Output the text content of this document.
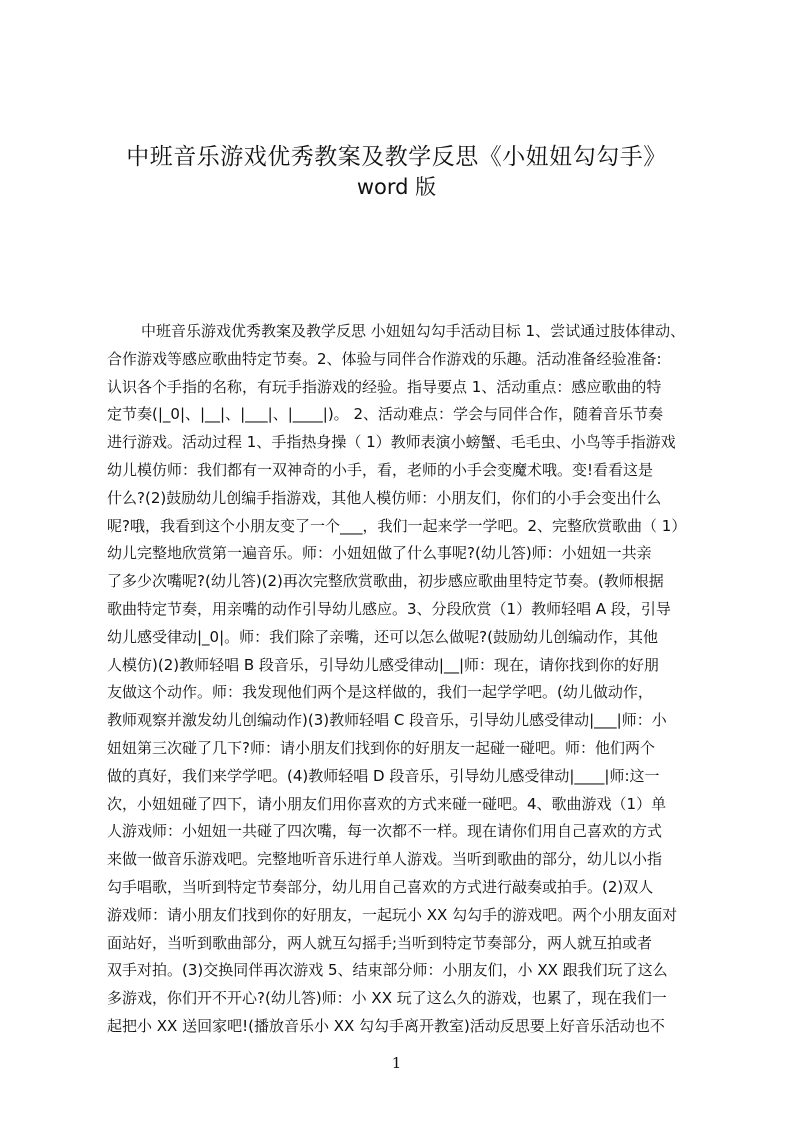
中班音乐游戏优秀教案及教学反思《小妞妞勾勾手》
word 版
中班音乐游戏优秀教案及教学反思 小妞妞勾勾手活动目标 1、尝试通过肢体律动、
合作游戏等感应歌曲特定节奏。2、体验与同伴合作游戏的乐趣。活动准备经验准备:
认识各个手指的名称，有玩手指游戏的经验。指导要点 1、活动重点：感应歌曲的特
定节奏(|_0|、|__|、|___|、|____|)。 2、活动难点：学会与同伴合作，随着音乐节奏
进行游戏。活动过程 1、手指热身操（ 1）教师表演小螃蟹、毛毛虫、小鸟等手指游戏
幼儿模仿师：我们都有一双神奇的小手，看，老师的小手会变魔术哦。变!看看这是
什么?(2)鼓励幼儿创编手指游戏，其他人模仿师：小朋友们，你们的小手会变出什么
呢?哦，我看到这个小朋友变了一个___，我们一起来学一学吧。2、完整欣赏歌曲（ 1）
幼儿完整地欣赏第一遍音乐。师：小妞妞做了什么事呢?(幼儿答)师：小妞妞一共亲
了多少次嘴呢?(幼儿答)(2)再次完整欣赏歌曲，初步感应歌曲里特定节奏。(教师根据
歌曲特定节奏，用亲嘴的动作引导幼儿感应。3、分段欣赏（1）教师轻唱 A 段，引导
幼儿感受律动|_0|。师：我们除了亲嘴，还可以怎么做呢?(鼓励幼儿创编动作，其他
人模仿)(2)教师轻唱 B 段音乐，引导幼儿感受律动|__|师：现在，请你找到你的好朋
友做这个动作。师：我发现他们两个是这样做的，我们一起学学吧。(幼儿做动作，
教师观察并激发幼儿创编动作)(3)教师轻唱 C 段音乐，引导幼儿感受律动|___|师：小
妞妞第三次碰了几下?师：请小朋友们找到你的好朋友一起碰一碰吧。师：他们两个
做的真好，我们来学学吧。(4)教师轻唱 D 段音乐，引导幼儿感受律动|____|师:这一
次，小妞妞碰了四下，请小朋友们用你喜欢的方式来碰一碰吧。4、歌曲游戏（1）单
人游戏师：小妞妞一共碰了四次嘴，每一次都不一样。现在请你们用自己喜欢的方式
来做一做音乐游戏吧。完整地听音乐进行单人游戏。当听到歌曲的部分，幼儿以小指
勾手唱歌，当听到特定节奏部分，幼儿用自己喜欢的方式进行敲奏或拍手。(2)双人
游戏师：请小朋友们找到你的好朋友，一起玩小 XX 勾勾手的游戏吧。两个小朋友面对
面站好，当听到歌曲部分，两人就互勾摇手;当听到特定节奏部分，两人就互拍或者
双手对拍。(3)交换同伴再次游戏 5、结束部分师：小朋友们，小 XX 跟我们玩了这么
多游戏，你们开不开心?(幼儿答)师：小 XX 玩了这么久的游戏，也累了，现在我们一
起把小 XX 送回家吧!(播放音乐小 XX 勾勾手离开教室)活动反思要上好音乐活动也不
1
